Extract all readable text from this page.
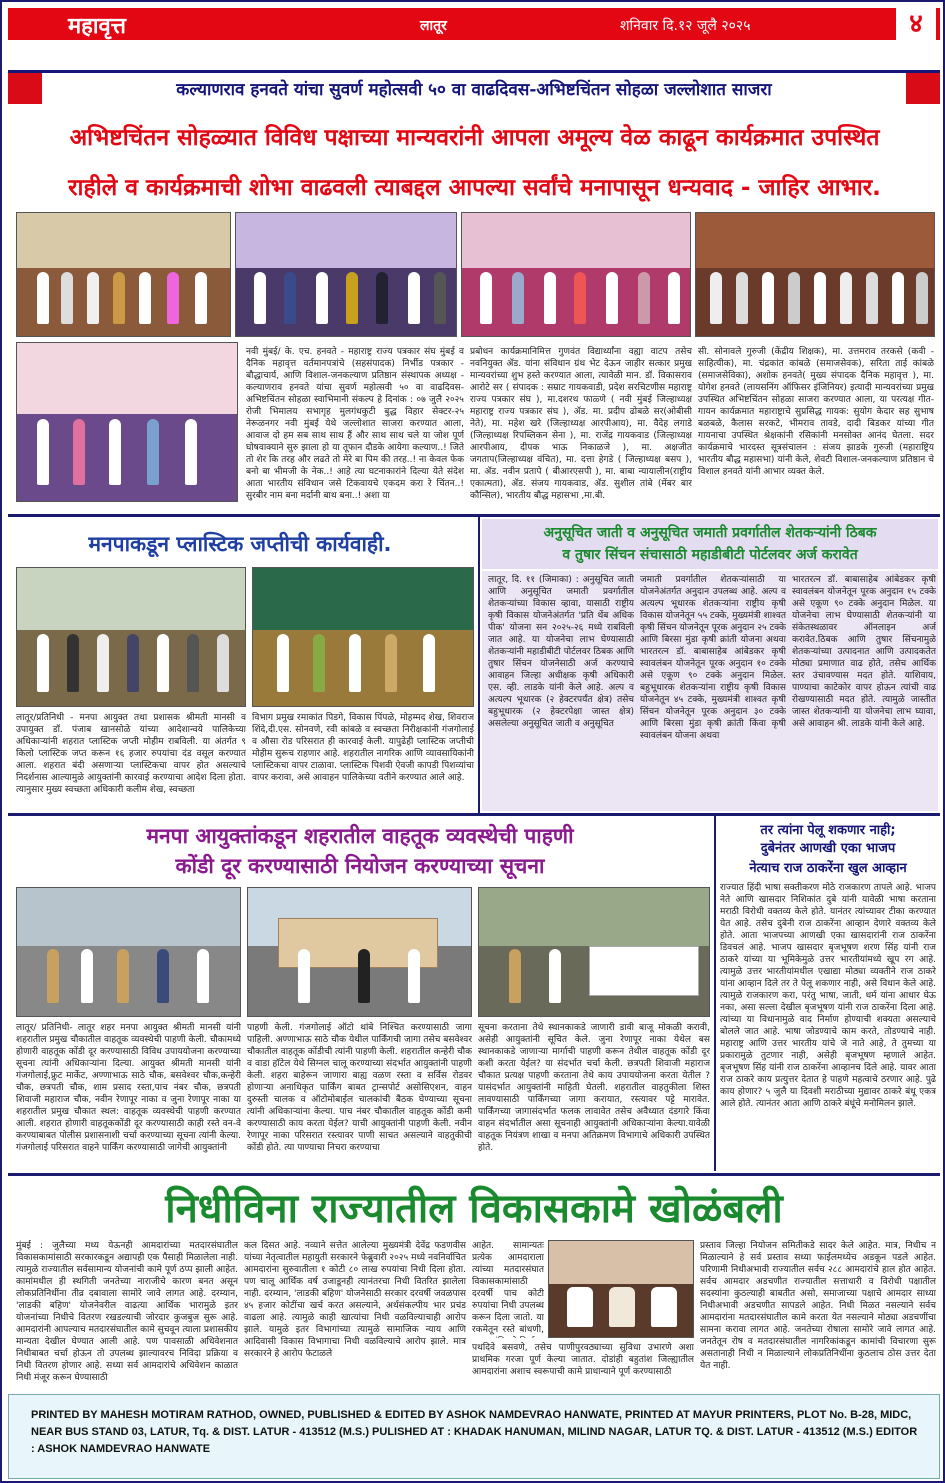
महावृत्त	लातूर	शनिवार दि.१२ जूलै २०२५	४
कल्याणराव हनवते यांचा सुवर्ण महोत्सवी ५० वा वाढदिवस-अभिष्टचिंतन सोहळा जल्लोशात साजरा
अभिष्टचिंतन सोहळ्यात विविध पक्षाच्या मान्यवरांनी आपला अमूल्य वेळ काढून कार्यक्रमात उपस्थित
राहीले व कार्यक्रमाची शोभा वाढवली त्याबद्दल आपल्या सर्वांचे मनापासून धन्यवाद - जाहिर आभार.
नवी मुंबई/ के. एच. हनवते - महाराष्ट्र राज्य पत्रकार संघ मुंबई व दैनिक महावृत्त वर्तमानपत्रांचे (सहसंपादक) निर्भीड पत्रकार - बौद्धाचार्य, आणि विशाल-जनकल्याण प्रतिष्ठान संस्थापक अध्यक्ष - कल्याणराव हनवते यांचा सुवर्ण महोत्सवी ५० वा वाढदिवस-अभिष्टचिंतन सोहळा स्वाभिमानी संकल्प हे दिनांक : ०७ जुलै २०२५ रोजी भिमालय सभागृह मुलगंधकुटी बुद्ध विहार सेक्टर-२५ नेरूळनगर नवी मुंबई येथे जल्लोशात साजरा करण्यात आला, आवाज दो हम सब साथ साथ हैं और साथ साथ चले या जोश पूर्ण घोषवाक्याने सुरु झाला हो या तूफान दौडके आयेगा कल्याण..! जिते तो शेर कि तरह और लढते तो मेरे बा पिम की तरह..! ना केवल फेक बनो बा भीमजी के नेक..! आहे त्या घटनाकारांने दिल्या येते संदेश आता भारतीय संविधान जसे टिकवायचे एकदम करा रे चिंतन..! सुरबीर नाम बना मर्दानी बाथ बना..! अशा या
प्रबोधन कार्यक्रमानिमित्त गुणवंत विद्यार्थ्यांना वह्या वाटप तसेच नवनियुक्त ॲड. यांना संविधान ग्रंथ भेट देऊन जाहीर सत्कार प्रमुख मान्यवरांच्या शुभ हस्ते करण्यात आला, त्यावेळी मान. डॉ. विकासराव आरोटे सर ( संपादक : सम्राट गायकवाडी, प्रदेश सरचिटणीस महाराष्ट्र राज्य पत्रकार संघ ), मा.दशरथ फाळ्णे ( नवी मुंबई जिल्हाध्यक्ष महाराष्ट्र राज्य पत्रकार संघ ), ॲड. मा. प्रदीप ढोबळे सर(ओबीसी नेते), मा. महेश खरे (जिल्हाध्यक्ष आरपीआय), मा. वैदेह लगाडे (जिल्हाध्यक्ष रिपब्लिकन सेना ), मा. राजेंद्र गायकवाड (जिल्हाध्यक्ष आरपीआय, दीपक भाऊ निकाळजे ), मा. अक्षजीत जगताप(जिल्हाध्यक्ष वंचित), मा. दत्ता हेगडे ( जिल्हाध्यक्ष बसप ), मा. ॲड. नवीन प्रतापे ( बीआरएसपी ), मा. बाबा न्यायालीन(राष्ट्रीय एकात्मता), ॲड. संजय गायकवाड, ॲड. सुशील तांबे (मेंबर बार कौन्सिल), भारतीय बौद्ध महासभा ,मा.बी.
सी. सोनावले गुरुजी (केंद्रीय शिक्षक), मा. उत्तमराव तरकसे (कवी - साहित्यीक), मा. चंद्रकांत कांबळे (समाजसेवक), सरिता ताई कांबळे (समाजसेविका), अशोक हनवते( मुख्य संपादक दैनिक महावृत्त ), मा. योगेश हनवते (लायसनिंग ऑफिसर इंजिनियर) इत्यादी मान्यवरांच्या प्रमुख उपस्थित अभिष्टचिंतन सोहळा साजरा करण्यात आला, या परत्यक्ष गीत-गायन कार्यक्रमात महाराष्ट्राचे सुप्रसिद्ध गायक: सुयोग केदार सह सुभाष बळबळे, कैलास सरकटे, भीमराव तावडे, दादी बिडकर यांच्या गीत गायनाचा उपस्थित श्रेक्षकांनी रसिकांनी मनसोक्त आनंद घेतला. सदर कार्यक्रमाचे भारदस्त सूत्रसंचालन : संजय झाडके गुरुजी (महाराष्ट्रिय भारतीय बौद्ध महासभा) यांनी केले, शेवटी विशाल-जनकल्याण प्रतिष्ठान चे विशाल हनवते यांनी आभार व्यक्त केले.
मनपाकडून प्लास्टिक जप्तीची कार्यवाही.
लातूर/प्रतिनिधी - मनपा आयुक्त तथा प्रशासक श्रीमती मानसी व उपायुक्त डॉ. पंजाब खानसोळे यांच्या आदेशान्वये पालिकेच्या अधिकाऱ्यांनी शहरात प्लास्टिक जप्ती मोहीम राबविली. या अंतर्गत ९ किलो प्लास्टिक जप्त करून १६ हजार रुपयांचा दंड वसूल करण्यात आला. शहरात बंदी असणाऱ्या प्लास्टिकचा वापर होत असल्याचे निदर्शनास आल्यामुळे आयुक्तांनी कारवाई करण्याचा आदेश दिला होता. त्यानुसार मुख्य स्वच्छता अधिकारी कलीम शेख, स्वच्छता
विभाग प्रमुख रमाकांत पिडगे, विकास पिंपळे, मोहम्मद शेख, शिवराज शिंदे,दी.एस. सोनवणे, रवी कांबळे व स्वच्छता निरीक्षकांनी गंजगोलाई व औसा रोड परिसरात ही कारवाई केली. यापुढेही प्लास्टिक जप्तीची मोहीम सुरूच राहणार आहे. शहरातील नागरिक आणि व्यावसायिकांनी प्लास्टिकचा वापर टाळावा. प्लास्टिक पिशवी ऐवजी कापडी पिशव्यांचा वापर करावा, असे आवाहन पालिकेच्या वतीने करण्यात आले आहे.
अनुसूचित जाती व अनुसूचित जमाती प्रवर्गातील शेतकऱ्यांनी ठिबक
व तुषार सिंचन संचासाठी महाडीबीटी पोर्टलवर अर्ज करावेत
लातूर, दि. ११ (जिमाका) : अनुसूचित जाती आणि अनुसूचित जमाती प्रवर्गातील शेतकऱ्यांच्या विकास व्हावा, यासाठी राष्ट्रीय कृषी विकास योजनेअंतर्गत 'प्रति थेंब अधिक पीक' योजना सन २०२५-२६ मध्ये राबविली जात आहे. या योजनेचा लाभ घेण्यासाठी शेतकऱ्यांनी महाडीबीटी पोर्टलवर ठिबक आणि तुषार सिंचन योजनेसाठी अर्ज करण्याचे आवाहन जिल्हा अधीक्षक कृषी अधिकारी एस. व्ही. लाडके यांनी केले आहे. अल्प व अत्यल्प भूधारक (२ हेक्टरपर्यंत क्षेत्र) तसेच बहुभूधारक (२ हेक्टरपेक्षा जास्त क्षेत्र) असलेल्या अनुसूचित जाती व अनुसूचित
जमाती प्रवर्गातील शेतकऱ्यांसाठी या योजनेअंतर्गत अनुदान उपलब्ध आहे. अल्प व अत्यल्प भूधारक शेतकऱ्यांना राष्ट्रीय कृषी विकास योजनेतून ५५ टक्के, मुख्यमंत्री शाश्वत कृषी सिंचन योजनेतून पूरक अनुदान २५ टक्के आणि बिरसा मुंडा कृषी क्रांती योजना अथवा भारतरत्न डॉ. बाबासाहेब आंबेडकर कृषी स्वावलंबन योजनेतून पूरक अनुदान १० टक्के असे एकूण ९० टक्के अनुदान मिळेल. बहुभूधारक शेतकऱ्यांना राष्ट्रीय कृषी विकास योजनेतून ४५ टक्के, मुख्यमंत्री शाश्वत कृषी सिंचन योजनेतून पूरक अनुदान ३० टक्के आणि बिरसा मुंडा कृषी क्रांती किंवा कृषी स्वावलंबन योजना अथवा
भारतरत्न डॉ. बाबासाहेब आंबेडकर कृषी स्वावलंबन योजनेतून पूरक अनुदान १५ टक्के असे एकूण ९० टक्के अनुदान मिळेल. या योजनेचा लाभ घेण्यासाठी शेतकऱ्यांनी या संकेतस्थळावर ऑनलाइन अर्ज करावेत.ठिबक आणि तुषार सिंचनामुळे शेतकऱ्यांच्या उत्पादनात आणि उत्पादकतेत मोठ्या प्रमाणात वाढ होते, तसेच आर्थिक स्तर उंचावण्यास मदत होते. याशिवाय, पाण्याचा काटेकोर वापर होऊन त्यांची वाढ रोखण्यासाठी मदत होते. त्यामुळे जास्तीत जास्त शेतकऱ्यांनी या योजनेचा लाभ घ्यावा, असे आवाहन श्री. लाडके यांनी केले आहे.
मनपा आयुक्तांकडून शहरातील वाहतूक व्यवस्थेची पाहणी
कोंडी दूर करण्यासाठी नियोजन करण्याच्या सूचना
लातूर/ प्रतिनिधी- लातूर शहर मनपा आयुक्त श्रीमती मानसी यांनी शहरातील प्रमुख चौकातील वाहतूक व्यवस्थेची पाहणी केली. चौकामध्ये होणारी वाहतूक कोंडी दूर करण्यासाठी विविध उपाययोजना करण्याच्या सूचना त्यांनी अधिकाऱ्यांना दिल्या. आयुक्त श्रीमती मानसी यांनी गंजगोलाई,फ्रुट मार्केट, अण्णाभाऊ साठे चौक, बसवेश्वर चौक,कन्हेरी चौक, छत्रपती चौक, शाम प्रसाद रस्ता,पाच नंबर चौक, छत्रपती शिवाजी महाराज चौक, नवीन रेणापूर नाका व जुना रेणापूर नाका या शहरातील प्रमुख चौकात स्थल: वाहतूक व्यवस्थेची पाहणी करण्यात आली. शहरात होणारी वाहतूककोंडी दूर करण्यासाठी काही रस्ते वन-वे करण्याबाबत पोलीस प्रशासनाशी चर्चा करण्याच्या सूचना त्यांनी केल्या. गंजगोलाई परिसरात वाहने पार्किंग करण्यासाठी जागेची आयुक्तांनी
पाहणी केली. गंजगोलाई ऑटो थांबे निश्चित करण्यासाठी जागा पाहिली. अण्णाभाऊ साठे चौक येथील पार्किंगची जागा तसेच बसवेश्वर चौकातील वाहतूक कोंडीची त्यांनी पाहणी केली. शहरातील कन्हेरी चौक व वाडा हॉटेल येथे सिग्नल चालू करण्याच्या संदर्भात आयुक्तांनी पाहणी केली. शहरा बाहेरून जाणारा बाह्य वळण रस्ता व सर्विस रोडवर होणाऱ्या अनाधिकृत पार्किंग बाबत ट्रान्सपोर्ट असोसिएशन, वाहन दुरुस्ती चालक व ऑटोमोबाईल चालकांची बैठक घेण्याच्या सूचना त्यांनी अधिकाऱ्यांना केल्या. पाच नंबर चौकातील वाहतूक कोंडी कमी करण्यासाठी काय करता येईल? याची आयुक्तांनी पाहणी केली. नवीन रेणापूर नाका परिसरात रस्त्यावर पाणी साचत असल्याने वाहतुकीची कोंडी होते. त्या पाण्याचा निचरा करण्याचा
सूचना करताना तेथे स्थानकाकडे जाणारी डावी बाजू मोकळी करावी, असेही आयुक्तांनी सूचित केले. जुना रेणापूर नाका येथेल बस स्थानकाकडे जाणाऱ्या मार्गाची पाहणी करून तेथील वाहतूक कोंडी दूर कशी करता येईल? या संदर्भात चर्चा केली. छत्रपती शिवाजी महाराज चौकात प्रत्यक्ष पाहणी करताना तेथे काय उपाययोजना करता येतील ? यासंदर्भात आयुक्तांनी माहिती घेतली. शहरातील वाहतुकीला शिस्त लावण्यासाठी पार्किंगच्या जागा करायात, रस्त्यावर पट्टे मारावेत. पार्किंगच्या जागासंदर्भात फलक लावावेत तसेच अवैध्यात दंडगारे किंवा वाहन संदर्भातील असा सूचनाही आयुक्तांनी अधिकाऱ्यांना केल्या.यावेळी वाहतूक नियंत्रण शाखा व मनपा अतिक्रमण विभागाचे अधिकारी उपस्थित होते.
तर त्यांना पेलू शकणार नाही;
दुबेनंतर आणखी एका भाजप
नेत्याच राज ठाकरेंना खुल आव्हान
राज्यात हिंदी भाषा सक्तीकरण मोठे राजकारण तापले आहे. भाजप नेते आणि खासदार निशिकांत दुबे यांनी यावेळी भाषा करताना मराठी विरोधी वक्तव्य केले होते. यानंतर त्यांच्यावर टीका करण्यात येत आहे. तसेच दुबेनी राज ठाकरेंना आव्हान देणारे वक्तव्य केले होते. आता भाजपच्या आणखी एका खासदारांनी राज ठाकरेंना डिवचलं आहे. भाजप खासदार बृजभूषण शरण सिंह यांनी राज ठाकरे यांच्या या भूमिकेमुळे उत्तर भारतीयांमध्ये खूप रग आहे. त्यामुळे उत्तर भारतीयांमधील एखाद्या मोठ्या व्यक्तीने राज ठाकरे यांना आव्हान दिले तर ते पेलू शकणार नाही, असे विधान केले आहे. त्यामुळे राजकारण करा, परंतु भाषा, जाती, धर्म यांना आधार घेऊ नका, असा सल्ला देखील बृजभूषण यांनी राज ठाकरेंना दिला आहे. त्यांच्या या विधानामुळे वाद निर्माण होण्याची शक्यता असल्याचे बोलले जात आहे. भाषा जोडण्याचे काम करते, तोडण्याचे नाही. महाराष्ट्र आणि उत्तर भारतीय यांचे जे नाते आहे, ते तुमच्या या प्रकारामुळे तुटणार नाही, असेही बृजभूषण म्हणाले आहेत. बृजभूषण सिंह यांनी राज ठाकरेंना आव्हानच दिले आहे. यावर आता राज ठाकरे काय प्रत्युत्तर देतात हे पाहणे महत्वाचे ठरणार आहे. पुढे काय होणार? ५ जुलै या दिवशी मराठीच्या मुद्यावर ठाकरे बंधू एकत्र आले होते. त्यानंतर आता आणि ठाकरे बंधूंचे मनोमिलन झाले.
निधीविना राज्यातील विकासकामे खोळंबली
मुंबई : जुलैच्या मध्य येऊनही आमदारांच्या मतदारसंघातील विकासकामांसाठी सरकारकडून अद्यापही एक पैसाही मिळालेला नाही. त्यामुळे राज्यातील सर्वसामान्य योजनांची कामे पूर्ण ठप्प झाली आहेत. कामांमधील ही स्थगिती जनतेच्या नाराजीचे कारण बनत असून लोकप्रतिनिधींना तीव्र दबावाला सामोरे जावे लागत आहे. दरम्यान, 'लाडकी बहिण' योजनेवरील वाढत्या आर्थिक भारामुळे इतर योजनांच्या निधीचे वितरण रखडल्याची जोरदार कुजबुज सुरू आहे. आमदारांनी आपल्याच मतदारसंघातील कामे सुचवून त्याला प्रशासकीय मान्यता देखील घेण्यात आली आहे. पण पावसाळी अधिवेशनात निधीबाबत चर्चा होऊन तो उपलब्ध झाल्यावरच निविदा प्रक्रिया व निधी वितरण होणार आहे. सध्या सर्व आमदारांचे अधिवेशन काळात निधी मंजूर करून घेण्यासाठी
कल दिसत आहे. नव्याने सत्तेत आलेल्या मुख्यमंत्री देवेंद्र फडणवीस यांच्या नेतृत्वातील महायुती सरकारने फेब्रुवारी २०२५ मध्ये नवनिर्वाचित आमदारांना सुरुवातीला १ कोटी ८० लाख रुपयांचा निधी दिला होता. पण चालू आर्थिक वर्ष उजाडूनही त्यानंतरचा निधी वितरित झालेला नाही. दरम्यान, 'लाडकी बहिण' योजनेसाठी सरकार दरवर्षी जवळपास ४५ हजार कोटींचा खर्च करत असल्याने, अर्थसंकल्पीय भार प्रचंड वाढला आहे. त्यामुळे काही खात्यांचा निधी वळविल्याचाही आरोप झाले. यामुळे इतर विभागांच्या त्यामुळे सामाजिक न्याय आणि आदिवासी विकास विभागाचा निधी वळविल्याचे आरोप झाले. मात्र सरकारने हे आरोप फेटाळले
आहेत. सामान्यतः प्रत्येक आमदाराला त्यांच्या मतदारसंघात विकासकामांसाठी दरवर्षी पाच कोटी रुपयांचा निधी उपलब्ध करून दिला जातो. या रकमेतून रस्ते बांधणी,
पथदिवे बसवणे, तसेच पाणीपुरवठ्याच्या सुविधा उभारणे अशा प्राथमिक गरजा पूर्ण केल्या जातात. दोडांही बहुतांश जिल्ह्यातील आमदारांना अशाच स्वरूपाची कामे प्राधान्याने पूर्ण करण्यासाठी
प्रस्ताव जिल्हा नियोजन समितीकडे सादर केले आहेत. मात्र, निधीच न मिळाल्याने हे सर्व प्रस्ताव सध्या फाईलमध्येच अडकून पडले आहेत. परिणामी निधीअभावी राज्यातील सर्वच २८८ आमदारांचे हाल होत आहेत. सर्वच आमदार अडचणीत राज्यातील सत्ताधारी व विरोधी पक्षातील सदस्यांना कुठल्याही बाबतीत असो, समाजाच्या पक्षाचे आमदार साध्या निधीअभावी अडचणीत सापडले आहेत. निधी मिळत नसल्याने सर्वच आमदारांना मतदारसंघातील कामे करता येत नसल्याने मोठ्या अडचणींचा सामना करावा लागत आहे. जनतेच्या रोषाला सामोरे जावे लागत आहे. जनतेतून रोष व मतदारसंघातील नागरिकांकडून कामांची विचारणा सुरू असतानाही निधी न मिळाल्याने लोकप्रतिनिधींना कुठलाच ठोस उत्तर देता येत नाही.
PRINTED BY MAHESH MOTIRAM RATHOD, OWNED, PUBLISHED & EDITED BY ASHOK NAMDEVRAO HANWATE, PRINTED AT MAYUR PRINTERS, PLOT No. B-28, MIDC, NEAR BUS STAND 03, LATUR, Tq. & DIST. LATUR - 413512 (M.S.) PULISHED AT : KHADAK HANUMAN, MILIND NAGAR, LATUR TQ. & DIST. LATUR - 413512 (M.S.) EDITOR : ASHOK NAMDEVRAO HANWATE
